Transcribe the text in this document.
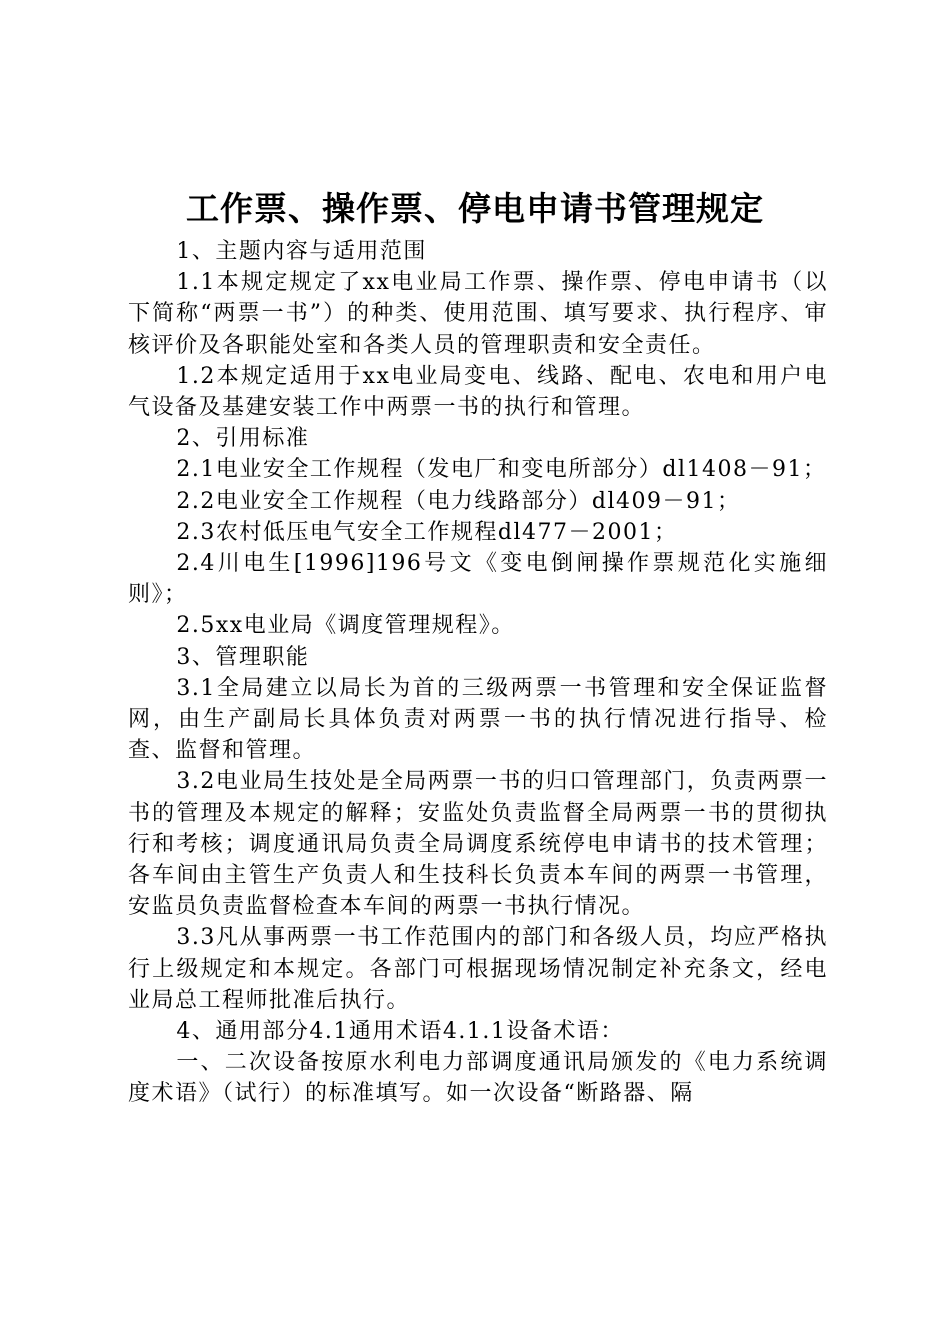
工作票、操作票、停电申请书管理规定

1、主题内容与适用范围

1.1本规定规定了xx电业局工作票、操作票、停电申请书（以下简称“两票一书”）的种类、使用范围、填写要求、执行程序、审核评价及各职能处室和各类人员的管理职责和安全责任。

1.2本规定适用于xx电业局变电、线路、配电、农电和用户电气设备及基建安装工作中两票一书的执行和管理。

2、引用标准

2.1电业安全工作规程（发电厂和变电所部分）dl1408－91；

2.2电业安全工作规程（电力线路部分）dl409－91；

2.3农村低压电气安全工作规程dl477－2001；

2.4川电生[1996]196号文《变电倒闸操作票规范化实施细则》；

2.5xx电业局《调度管理规程》。

3、管理职能

3.1全局建立以局长为首的三级两票一书管理和安全保证监督网，由生产副局长具体负责对两票一书的执行情况进行指导、检查、监督和管理。

3.2电业局生技处是全局两票一书的归口管理部门，负责两票一书的管理及本规定的解释；安监处负责监督全局两票一书的贯彻执行和考核；调度通讯局负责全局调度系统停电申请书的技术管理；各车间由主管生产负责人和生技科长负责本车间的两票一书管理，安监员负责监督检查本车间的两票一书执行情况。

3.3凡从事两票一书工作范围内的部门和各级人员，均应严格执行上级规定和本规定。各部门可根据现场情况制定补充条文，经电业局总工程师批准后执行。

4、通用部分4.1通用术语4.1.1设备术语：

一、二次设备按原水利电力部调度通讯局颁发的《电力系统调度术语》（试行）的标准填写。如一次设备“断路器、隔
